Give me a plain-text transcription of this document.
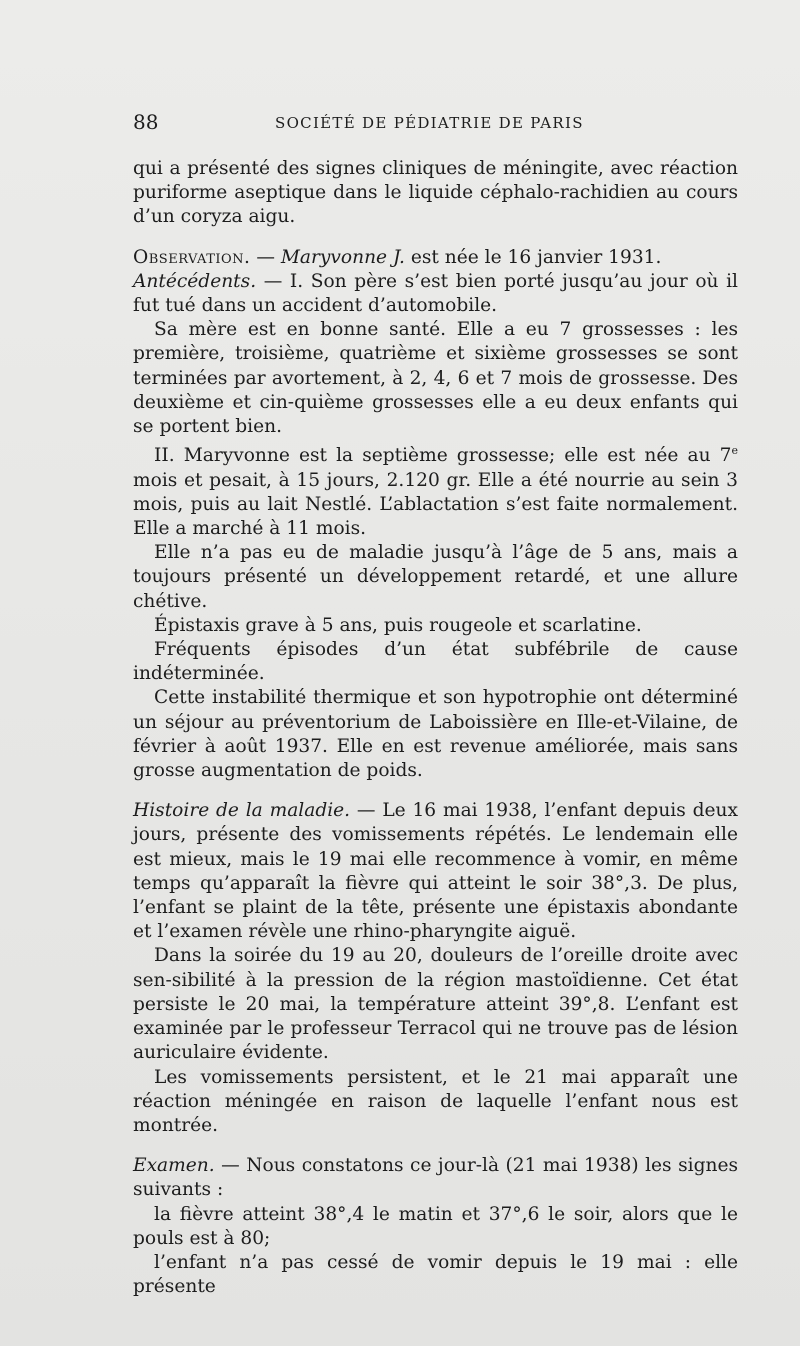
88	SOCIÉTÉ DE PÉDIATRIE DE PARIS

qui a présenté des signes cliniques de méningite, avec réaction puriforme aseptique dans le liquide céphalo-rachidien au cours d’un coryza aigu.

Observation. — Maryvonne J. est née le 16 janvier 1931.

Antécédents. — I. Son père s’est bien porté jusqu’au jour où il fut tué dans un accident d’automobile.

Sa mère est en bonne santé. Elle a eu 7 grossesses : les première, troisième, quatrième et sixième grossesses se sont terminées par avortement, à 2, 4, 6 et 7 mois de grossesse. Des deuxième et cin-quième grossesses elle a eu deux enfants qui se portent bien.

II. Maryvonne est la septième grossesse; elle est née au 7e mois et pesait, à 15 jours, 2.120 gr. Elle a été nourrie au sein 3 mois, puis au lait Nestlé. L’ablactation s’est faite normalement. Elle a marché à 11 mois.

Elle n’a pas eu de maladie jusqu’à l’âge de 5 ans, mais a toujours présenté un développement retardé, et une allure chétive.

Épistaxis grave à 5 ans, puis rougeole et scarlatine.

Fréquents épisodes d’un état subfébrile de cause indéterminée.

Cette instabilité thermique et son hypotrophie ont déterminé un séjour au préventorium de Laboissière en Ille-et-Vilaine, de février à août 1937. Elle en est revenue améliorée, mais sans grosse augmentation de poids.

Histoire de la maladie. — Le 16 mai 1938, l’enfant depuis deux jours, présente des vomissements répétés. Le lendemain elle est mieux, mais le 19 mai elle recommence à vomir, en même temps qu’apparaît la fièvre qui atteint le soir 38°,3. De plus, l’enfant se plaint de la tête, présente une épistaxis abondante et l’examen révèle une rhino-pharyngite aiguë.

Dans la soirée du 19 au 20, douleurs de l’oreille droite avec sen-sibilité à la pression de la région mastoïdienne. Cet état persiste le 20 mai, la température atteint 39°,8. L’enfant est examinée par le professeur Terracol qui ne trouve pas de lésion auriculaire évidente.

Les vomissements persistent, et le 21 mai apparaît une réaction méningée en raison de laquelle l’enfant nous est montrée.

Examen. — Nous constatons ce jour-là (21 mai 1938) les signes suivants :

la fièvre atteint 38°,4 le matin et 37°,6 le soir, alors que le pouls est à 80;

l’enfant n’a pas cessé de vomir depuis le 19 mai : elle présente
